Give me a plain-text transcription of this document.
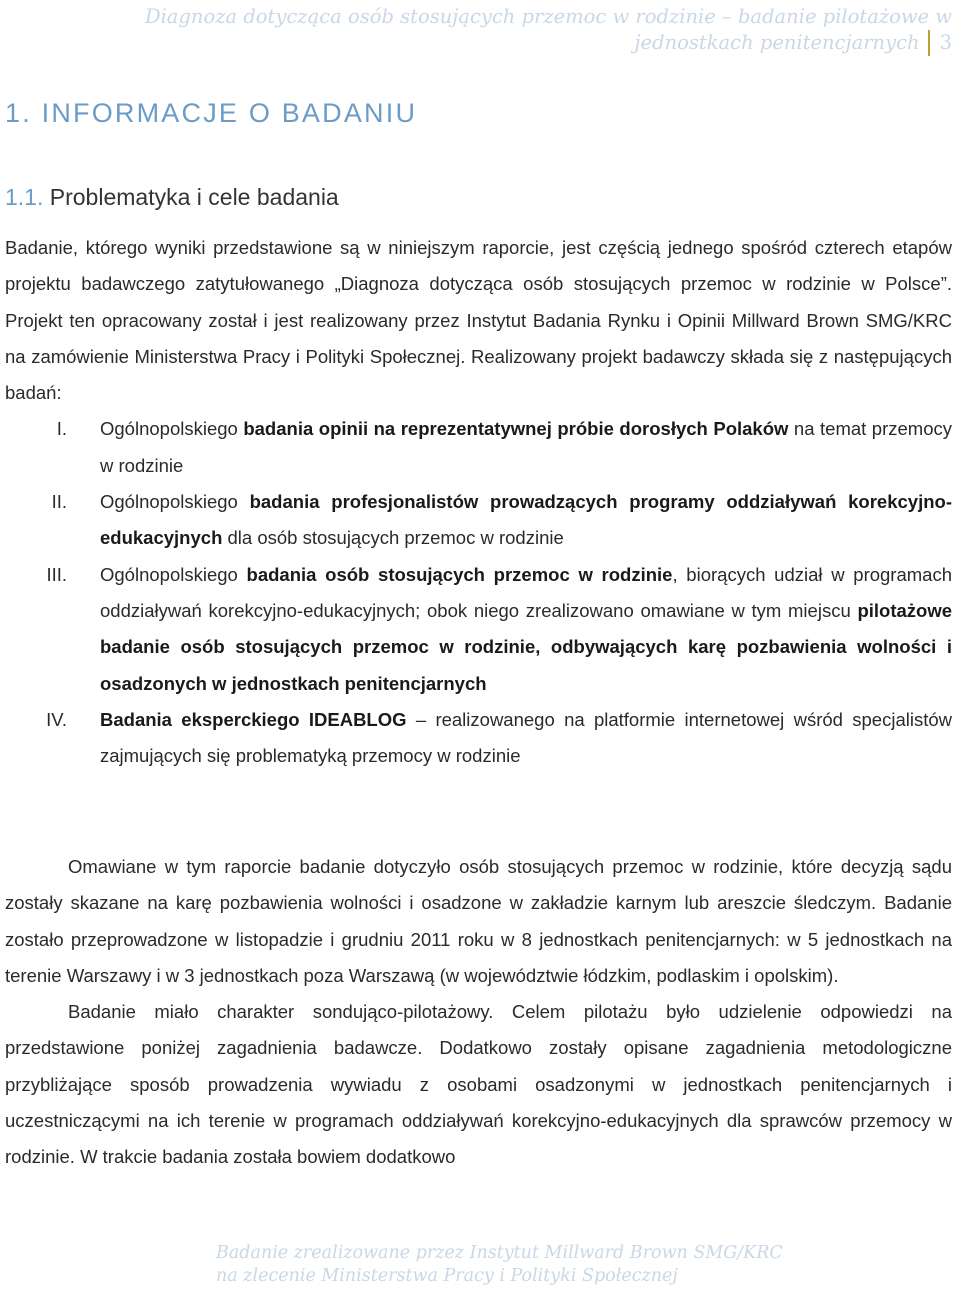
Diagnoza dotycząca osób stosujących przemoc w rodzinie – badanie pilotażowe w jednostkach penitencjarnych 3
1. INFORMACJE O BADANIU
1.1. Problematyka i cele badania

Badanie, którego wyniki przedstawione są w niniejszym raporcie, jest częścią jednego spośród czterech etapów projektu badawczego zatytułowanego „Diagnoza dotycząca osób stosujących przemoc w rodzinie w Polsce”. Projekt ten opracowany został i jest realizowany przez Instytut Badania Rynku i Opinii Millward Brown SMG/KRC na zamówienie Ministerstwa Pracy i Polityki Społecznej. Realizowany projekt badawczy składa się z następujących badań:

I. Ogólnopolskiego badania opinii na reprezentatywnej próbie dorosłych Polaków na temat przemocy w rodzinie
II. Ogólnopolskiego badania profesjonalistów prowadzących programy oddziaływań korekcyjno-edukacyjnych dla osób stosujących przemoc w rodzinie
III. Ogólnopolskiego badania osób stosujących przemoc w rodzinie, biorących udział w programach oddziaływań korekcyjno-edukacyjnych; obok niego zrealizowano omawiane w tym miejscu pilotażowe badanie osób stosujących przemoc w rodzinie, odbywających karę pozbawienia wolności i osadzonych w jednostkach penitencjarnych
IV. Badania eksperckiego IDEABLOG – realizowanego na platformie internetowej wśród specjalistów zajmujących się problematyką przemocy w rodzinie

Omawiane w tym raporcie badanie dotyczyło osób stosujących przemoc w rodzinie, które decyzją sądu zostały skazane na karę pozbawienia wolności i osadzone w zakładzie karnym lub areszcie śledczym. Badanie zostało przeprowadzone w listopadzie i grudniu 2011 roku w 8 jednostkach penitencjarnych: w 5 jednostkach na terenie Warszawy i w 3 jednostkach poza Warszawą (w województwie łódzkim, podlaskim i opolskim).

Badanie miało charakter sondująco-pilotażowy. Celem pilotażu było udzielenie odpowiedzi na przedstawione poniżej zagadnienia badawcze. Dodatkowo zostały opisane zagadnienia metodologiczne przybliżające sposób prowadzenia wywiadu z osobami osadzonymi w jednostkach penitencjarnych i uczestniczącymi na ich terenie w programach oddziaływań korekcyjno-edukacyjnych dla sprawców przemocy w rodzinie. W trakcie badania została bowiem dodatkowo

Badanie zrealizowane przez Instytut Millward Brown SMG/KRC
na zlecenie Ministerstwa Pracy i Polityki Społecznej
